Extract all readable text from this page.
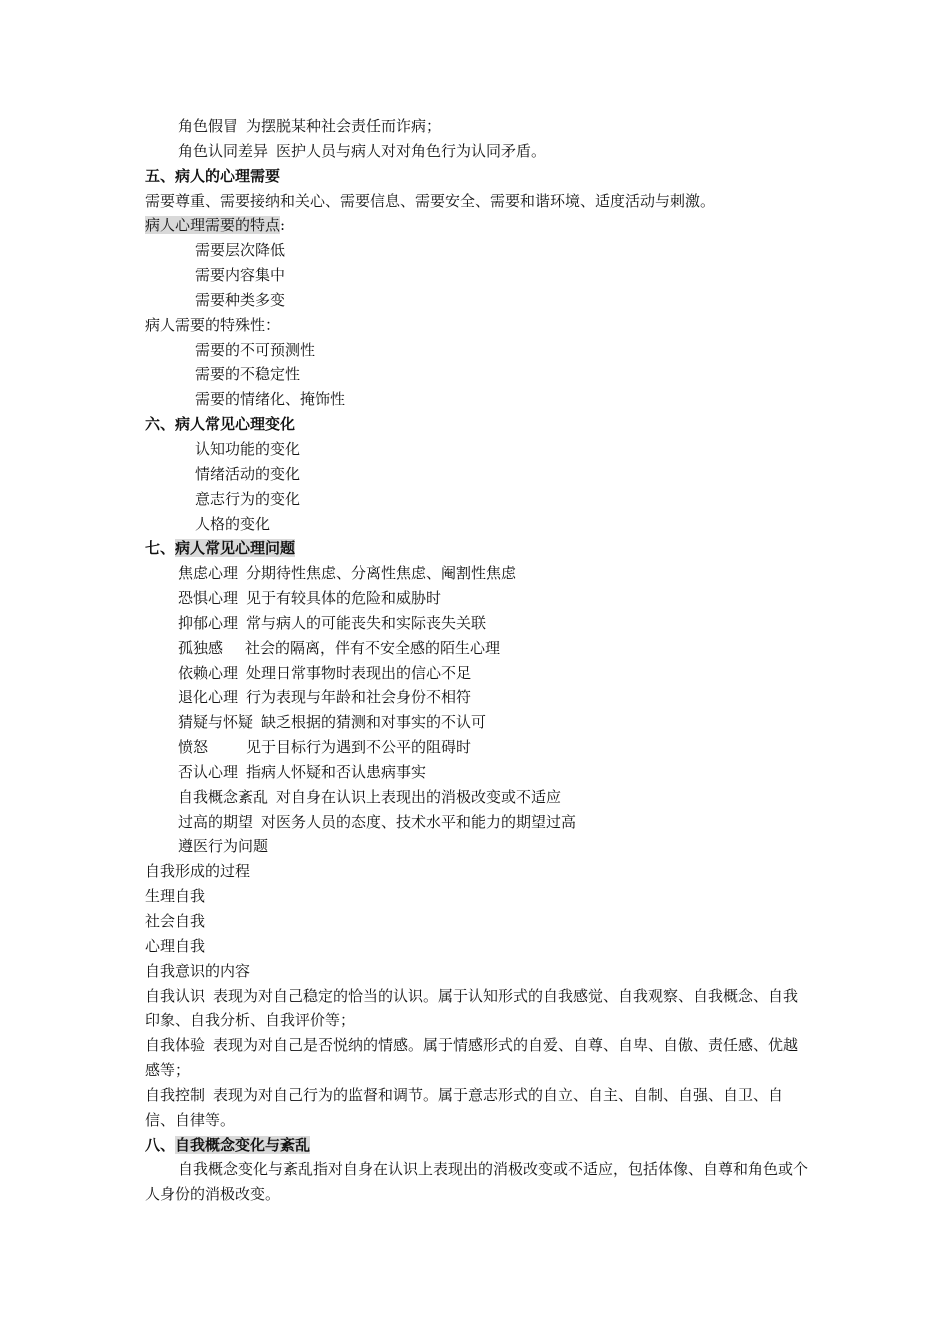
角色假冒 为摆脱某种社会责任而诈病；
角色认同差异 医护人员与病人对对角色行为认同矛盾。
五、病人的心理需要
需要尊重、需要接纳和关心、需要信息、需要安全、需要和谐环境、适度活动与刺激。
病人心理需要的特点:
需要层次降低
需要内容集中
需要种类多变
病人需要的特殊性：
需要的不可预测性
需要的不稳定性
需要的情绪化、掩饰性
六、病人常见心理变化
认知功能的变化
情绪活动的变化
意志行为的变化
人格的变化
七、病人常见心理问题
焦虑心理 分期待性焦虑、分离性焦虑、阉割性焦虑
恐惧心理 见于有较具体的危险和威胁时
抑郁心理 常与病人的可能丧失和实际丧失关联
孤独感 社会的隔离，伴有不安全感的陌生心理
依赖心理 处理日常事物时表现出的信心不足
退化心理 行为表现与年龄和社会身份不相符
猜疑与怀疑 缺乏根据的猜测和对事实的不认可
愤怒	见于目标行为遇到不公平的阻碍时
否认心理 指病人怀疑和否认患病事实
自我概念紊乱 对自身在认识上表现出的消极改变或不适应
过高的期望 对医务人员的态度、技术水平和能力的期望过高
遵医行为问题
自我形成的过程
生理自我
社会自我
心理自我
自我意识的内容
自我认识 表现为对自己稳定的恰当的认识。属于认知形式的自我感觉、自我观察、自我概念、自我印象、自我分析、自我评价等；
自我体验 表现为对自己是否悦纳的情感。属于情感形式的自爱、自尊、自卑、自傲、责任感、优越感等；
自我控制 表现为对自己行为的监督和调节。属于意志形式的自立、自主、自制、自强、自卫、自信、自律等。
八、自我概念变化与紊乱
自我概念变化与紊乱指对自身在认识上表现出的消极改变或不适应，包括体像、自尊和角色或个人身份的消极改变。
